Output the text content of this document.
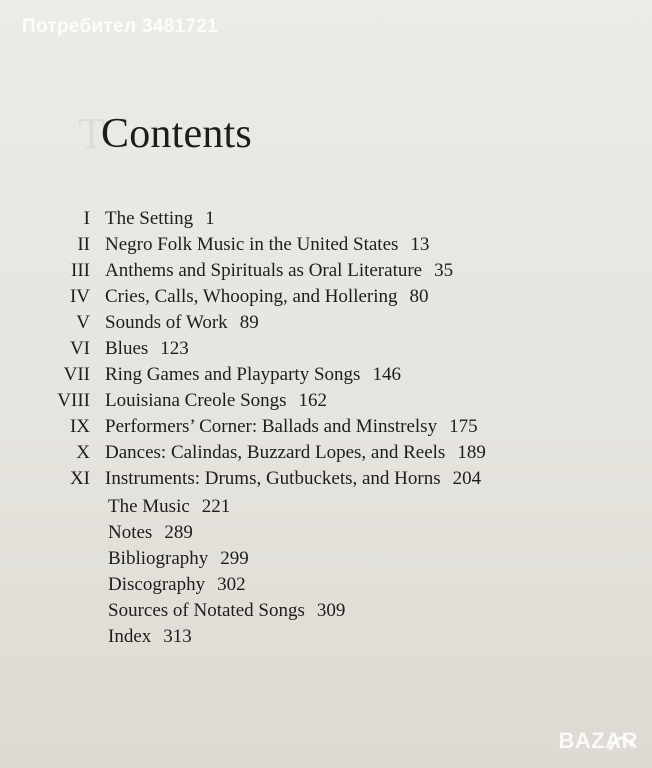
T
Потребител 3481721
Contents
I The Setting 1
II Negro Folk Music in the United States 13
III Anthems and Spirituals as Oral Literature 35
IV Cries, Calls, Whooping, and Hollering 80
V Sounds of Work 89
VI Blues 123
VII Ring Games and Playparty Songs 146
VIII Louisiana Creole Songs 162
IX Performers’ Corner: Ballads and Minstrelsy 175
X Dances: Calindas, Buzzard Lopes, and Reels 189
XI Instruments: Drums, Gutbuckets, and Horns 204
The Music 221
Notes 289
Bibliography 299
Discography 302
Sources of Notated Songs 309
Index 313
BAZAR
